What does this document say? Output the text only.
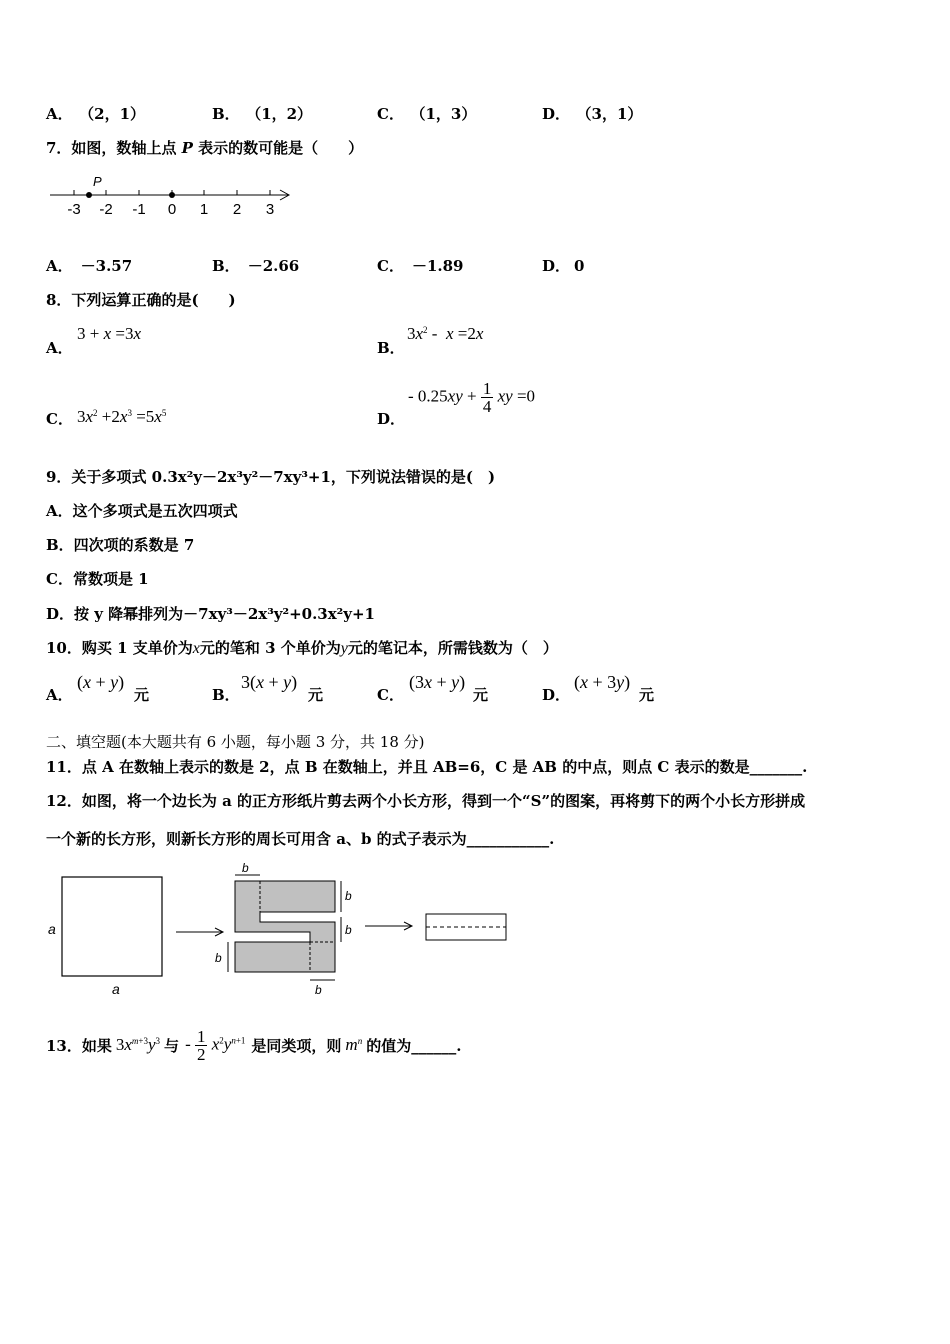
A． （2，1）	B． （1，2）	C． （1，3）	D． （3，1）
7．如图，数轴上点 P 表示的数可能是（　　）
P
-3 -2 -1 0 1 2 3
A． －3.57	B． －2.66	C． －1.89	D． 0
8．下列运算正确的是(　　)
A．
3 + x =3x
B．
$3x^2 - x =2x$
C． $3x^2 +2x^3 =5x^5$	D．
- $0.25xy + \frac{1}{4}$ xy =0
9．关于多项式 0.3x²y－2x³y²－7xy³+1，下列说法错误的是(　)
A．这个多项式是五次四项式
B．四次项的系数是 7
C．常数项是 1
D．按 y 降幂排列为－7xy³－2x³y²+0.3x²y+1
10．购买 1 支单价为x元的笔和 3 个单价为y元的笔记本，所需钱数为（　）
A．
(x + y)
元	B．
3(x + y)
元	C．
(3x + y)
元	D．
(x + 3y)
元
二、填空题(本大题共有 6 小题，每小题 3 分，共 18 分)
11．点 A 在数轴上表示的数是 2，点 B 在数轴上，并且 AB=6，C 是 AB 的中点，则点 C 表示的数是_______.
12．如图，将一个边长为 a 的正方形纸片剪去两个小长方形，得到一个“S”的图案，再将剪下的两个小长方形拼成
一个新的长方形，则新长方形的周长可用含 a、b 的式子表示为___________.
a
a
b
b
b
b
b
13．如果 $3x^{m+3}y^3$ 与 - $\frac{1}{2} x^2y^{n+1}$ 是同类项，则 $m^n$ 的值为______.
